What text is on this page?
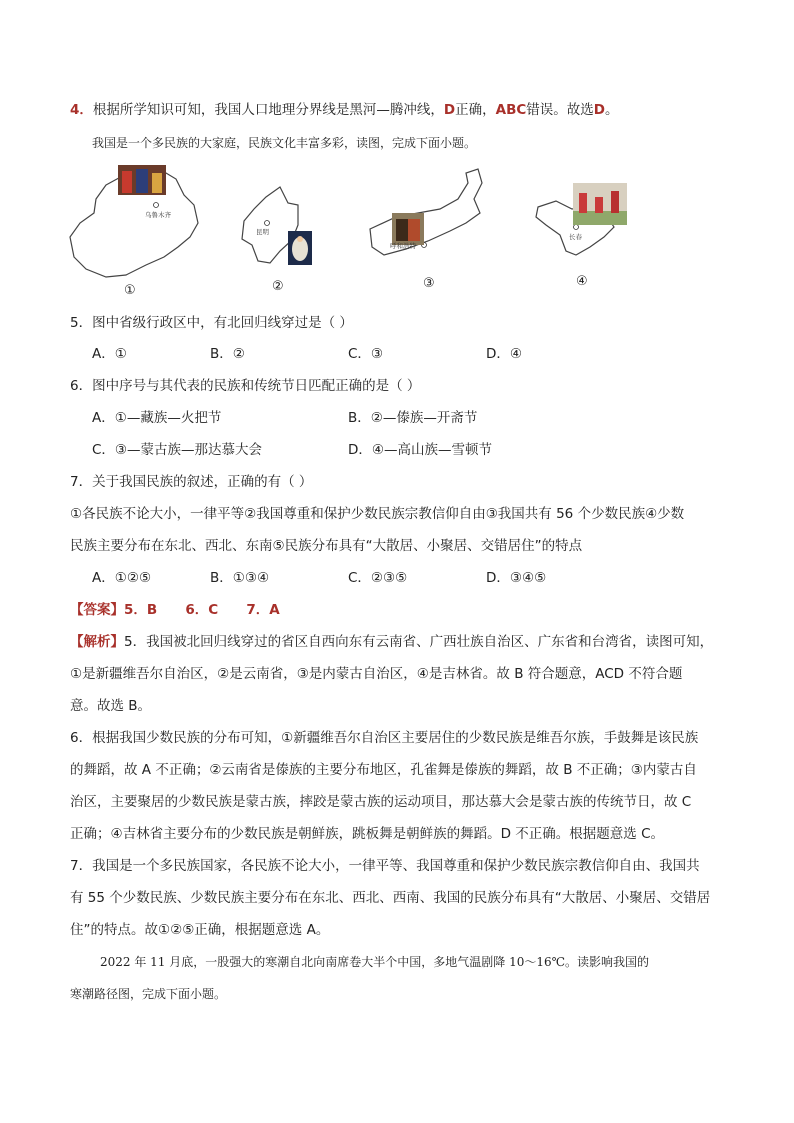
4．根据所学知识可知，我国人口地理分界线是黑河—腾冲线，D正确，ABC错误。故选D。
我国是一个多民族的大家庭，民族文化丰富多彩，读图，完成下面小题。
乌鲁木齐
昆明
呼和浩特
长春
①	②	③	④
5．图中省级行政区中，有北回归线穿过是（ ）
A．①	B．②	C．③	D．④
6．图中序号与其代表的民族和传统节日匹配正确的是（ ）
A．①—藏族—火把节	B．②—傣族—开斋节
C．③—蒙古族—那达慕大会	D．④—高山族—雪顿节
7．关于我国民族的叙述，正确的有（ ）
①各民族不论大小，一律平等②我国尊重和保护少数民族宗教信仰自由③我国共有 56 个少数民族④少数
民族主要分布在东北、西北、东南⑤民族分布具有“大散居、小聚居、交错居住”的特点
A．①②⑤	B．①③④	C．②③⑤	D．③④⑤
【答案】5．B      6．C      7．A
【解析】5．我国被北回归线穿过的省区自西向东有云南省、广西壮族自治区、广东省和台湾省，读图可知，
①是新疆维吾尔自治区，②是云南省，③是内蒙古自治区，④是吉林省。故 B 符合题意，ACD 不符合题
意。故选 B。
6．根据我国少数民族的分布可知，①新疆维吾尔自治区主要居住的少数民族是维吾尔族，手鼓舞是该民族
的舞蹈，故 A 不正确；②云南省是傣族的主要分布地区，孔雀舞是傣族的舞蹈，故 B 不正确；③内蒙古自
治区，主要聚居的少数民族是蒙古族，摔跤是蒙古族的运动项目，那达慕大会是蒙古族的传统节日，故 C
正确；④吉林省主要分布的少数民族是朝鲜族，跳板舞是朝鲜族的舞蹈。D 不正确。根据题意选 C。
7．我国是一个多民族国家，各民族不论大小，一律平等、我国尊重和保护少数民族宗教信仰自由、我国共
有 55 个少数民族、少数民族主要分布在东北、西北、西南、我国的民族分布具有“大散居、小聚居、交错居
住”的特点。故①②⑤正确，根据题意选 A。
2022 年 11 月底，一股强大的寒潮自北向南席卷大半个中国，多地气温剧降 10～16℃。读影响我国的
寒潮路径图，完成下面小题。
